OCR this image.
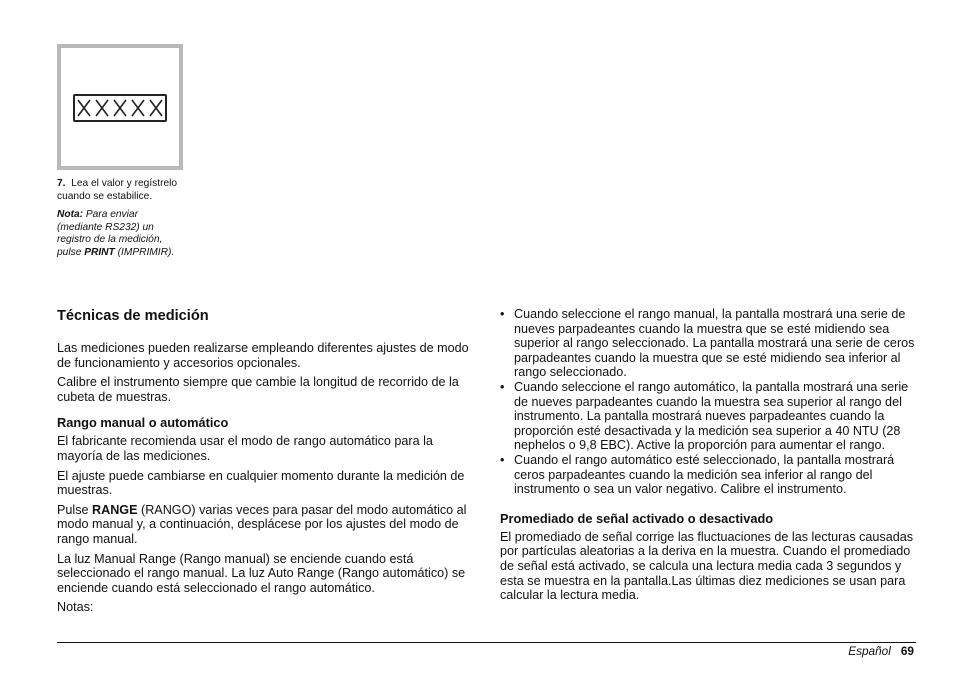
7. Lea el valor y regístrelo cuando se estabilice.

Nota: Para enviar (mediante RS232) un registro de la medición, pulse PRINT (IMPRIMIR).

Técnicas de medición

Las mediciones pueden realizarse empleando diferentes ajustes de modo de funcionamiento y accesorios opcionales.

Calibre el instrumento siempre que cambie la longitud de recorrido de la cubeta de muestras.

Rango manual o automático

El fabricante recomienda usar el modo de rango automático para la mayoría de las mediciones.

El ajuste puede cambiarse en cualquier momento durante la medición de muestras.

Pulse RANGE (RANGO) varias veces para pasar del modo automático al modo manual y, a continuación, desplácese por los ajustes del modo de rango manual.

La luz Manual Range (Rango manual) se enciende cuando está seleccionado el rango manual. La luz Auto Range (Rango automático) se enciende cuando está seleccionado el rango automático.

Notas:

• Cuando seleccione el rango manual, la pantalla mostrará una serie de nueves parpadeantes cuando la muestra que se esté midiendo sea superior al rango seleccionado. La pantalla mostrará una serie de ceros parpadeantes cuando la muestra que se esté midiendo sea inferior al rango seleccionado.
• Cuando seleccione el rango automático, la pantalla mostrará una serie de nueves parpadeantes cuando la muestra sea superior al rango del instrumento. La pantalla mostrará nueves parpadeantes cuando la proporción esté desactivada y la medición sea superior a 40 NTU (28 nephelos o 9,8 EBC). Active la proporción para aumentar el rango.
• Cuando el rango automático esté seleccionado, la pantalla mostrará ceros parpadeantes cuando la medición sea inferior al rango del instrumento o sea un valor negativo. Calibre el instrumento.
Promediado de señal activado o desactivado

El promediado de señal corrige las fluctuaciones de las lecturas causadas por partículas aleatorias a la deriva en la muestra. Cuando el promediado de señal está activado, se calcula una lectura media cada 3 segundos y esta se muestra en la pantalla.Las últimas diez mediciones se usan para calcular la lectura media.

Español 69
